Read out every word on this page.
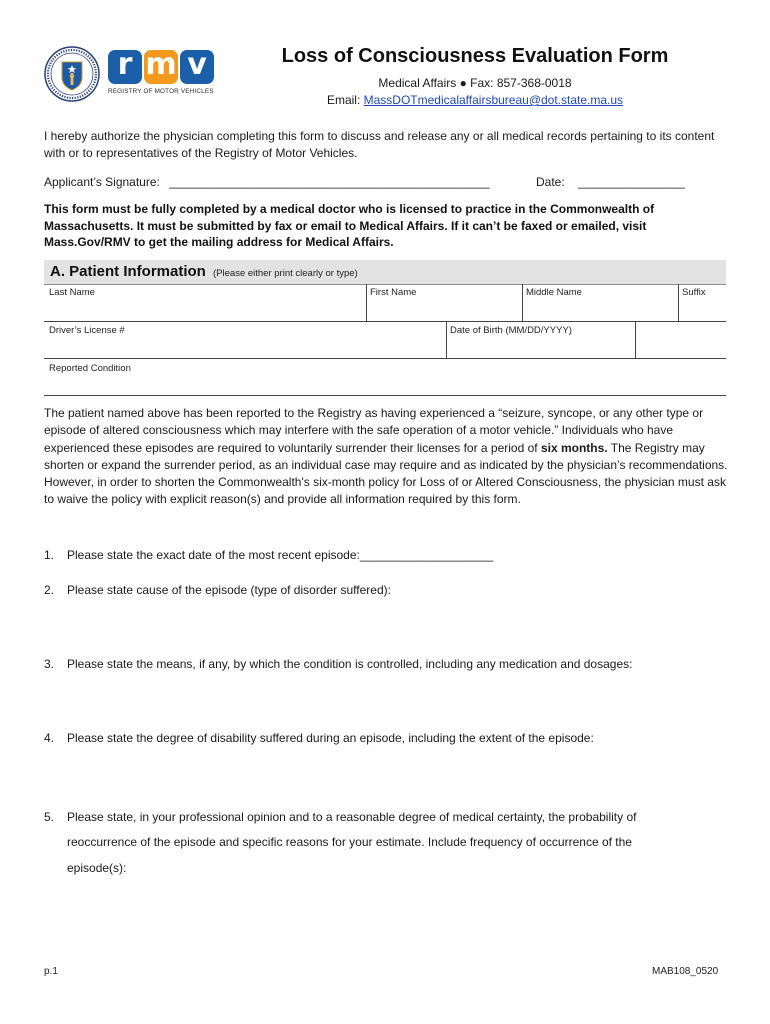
r m v
REGISTRY OF MOTOR VEHICLES
Loss of Consciousness Evaluation Form
Medical Affairs ● Fax: 857-368-0018
Email: MassDOTmedicalaffairsbureau@dot.state.ma.us
I hereby authorize the physician completing this form to discuss and release any or all medical records pertaining to its content with or to representatives of the Registry of Motor Vehicles.
Applicant’s Signature: ________________________________________________	Date: ________________
This form must be fully completed by a medical doctor who is licensed to practice in the Commonwealth of Massachusetts. It must be submitted by fax or email to Medical Affairs. If it can’t be faxed or emailed, visit Mass.Gov/RMV to get the mailing address for Medical Affairs.
A. Patient Information (Please either print clearly or type)
Last Name	First Name	Middle Name	Suffix
Driver’s License #	Date of Birth (MM/DD/YYYY)
Reported Condition
The patient named above has been reported to the Registry as having experienced a “seizure, syncope, or any other type or episode of altered consciousness which may interfere with the safe operation of a motor vehicle.” Individuals who have experienced these episodes are required to voluntarily surrender their licenses for a period of six months. The Registry may shorten or expand the surrender period, as an individual case may require and as indicated by the physician’s recommendations. However, in order to shorten the Commonwealth's six-month policy for Loss of or Altered Consciousness, the physician must ask to waive the policy with explicit reason(s) and provide all information required by this form.
1. Please state the exact date of the most recent episode:____________________
2. Please state cause of the episode (type of disorder suffered):
3. Please state the means, if any, by which the condition is controlled, including any medication and dosages:
4. Please state the degree of disability suffered during an episode, including the extent of the episode:
5. Please state, in your professional opinion and to a reasonable degree of medical certainty, the probability of
reoccurrence of the episode and specific reasons for your estimate. Include frequency of occurrence of the
episode(s):
p.1	MAB108_0520
